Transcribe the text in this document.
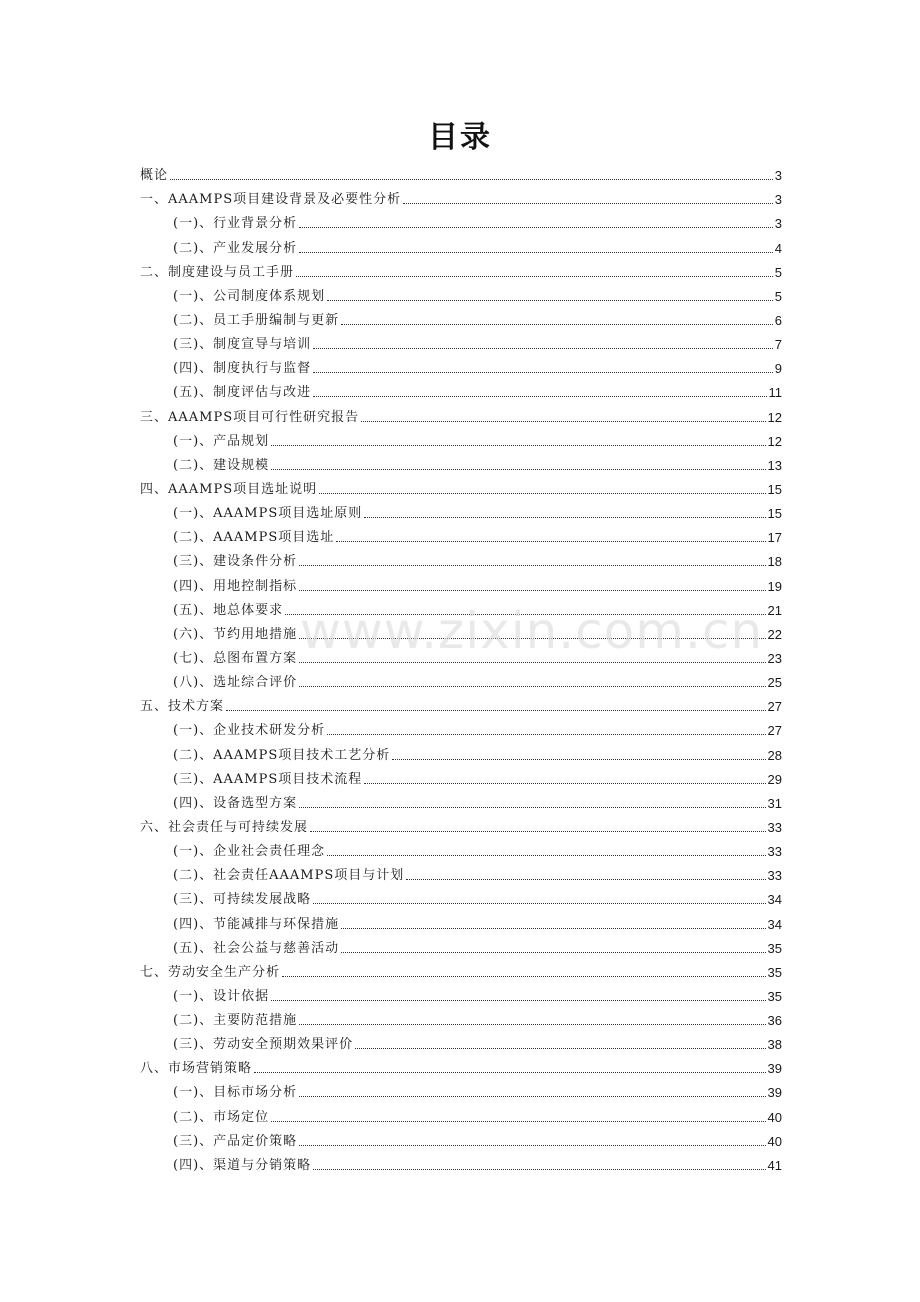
目录
概论	3
一、AAAMPS项目建设背景及必要性分析	3
(一)、行业背景分析	3
(二)、产业发展分析	4
二、制度建设与员工手册	5
(一)、公司制度体系规划	5
(二)、员工手册编制与更新	6
(三)、制度宣导与培训	7
(四)、制度执行与监督	9
(五)、制度评估与改进	11
三、AAAMPS项目可行性研究报告	12
(一)、产品规划	12
(二)、建设规模	13
四、AAAMPS项目选址说明	15
(一)、AAAMPS项目选址原则	15
(二)、AAAMPS项目选址	17
(三)、建设条件分析	18
(四)、用地控制指标	19
(五)、地总体要求	21
(六)、节约用地措施	22
(七)、总图布置方案	23
(八)、选址综合评价	25
五、技术方案	27
(一)、企业技术研发分析	27
(二)、AAAMPS项目技术工艺分析	28
(三)、AAAMPS项目技术流程	29
(四)、设备选型方案	31
六、社会责任与可持续发展	33
(一)、企业社会责任理念	33
(二)、社会责任AAAMPS项目与计划	33
(三)、可持续发展战略	34
(四)、节能减排与环保措施	34
(五)、社会公益与慈善活动	35
七、劳动安全生产分析	35
(一)、设计依据	35
(二)、主要防范措施	36
(三)、劳动安全预期效果评价	38
八、市场营销策略	39
(一)、目标市场分析	39
(二)、市场定位	40
(三)、产品定价策略	40
(四)、渠道与分销策略	41
www.zixin.com.cn
